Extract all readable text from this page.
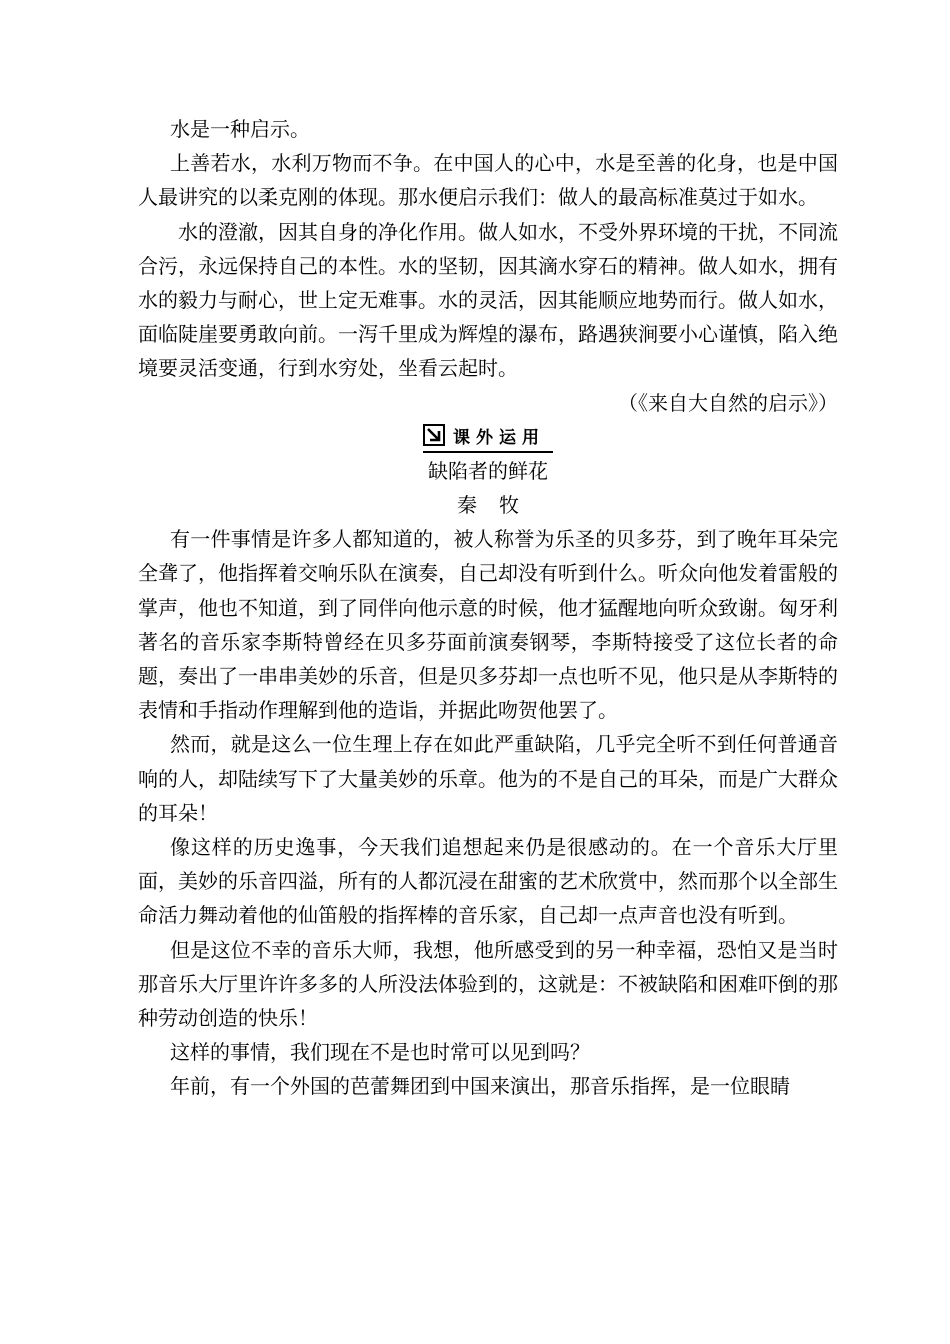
水是一种启示。

上善若水，水利万物而不争。在中国人的心中，水是至善的化身，也是中国人最讲究的以柔克刚的体现。那水便启示我们：做人的最高标准莫过于如水。

水的澄澈，因其自身的净化作用。做人如水，不受外界环境的干扰，不同流合污，永远保持自己的本性。水的坚韧，因其滴水穿石的精神。做人如水，拥有水的毅力与耐心，世上定无难事。水的灵活，因其能顺应地势而行。做人如水，面临陡崖要勇敢向前。一泻千里成为辉煌的瀑布，路遇狭涧要小心谨慎，陷入绝境要灵活变通，行到水穷处，坐看云起时。

（《来自大自然的启示》）

课外运用

缺陷者的鲜花

秦牧

有一件事情是许多人都知道的，被人称誉为乐圣的贝多芬，到了晚年耳朵完全聋了，他指挥着交响乐队在演奏，自己却没有听到什么。听众向他发着雷般的掌声，他也不知道，到了同伴向他示意的时候，他才猛醒地向听众致谢。匈牙利著名的音乐家李斯特曾经在贝多芬面前演奏钢琴，李斯特接受了这位长者的命题，奏出了一串串美妙的乐音，但是贝多芬却一点也听不见，他只是从李斯特的表情和手指动作理解到他的造诣，并据此吻贺他罢了。

然而，就是这么一位生理上存在如此严重缺陷，几乎完全听不到任何普通音响的人，却陆续写下了大量美妙的乐章。他为的不是自己的耳朵，而是广大群众的耳朵！

像这样的历史逸事，今天我们追想起来仍是很感动的。在一个音乐大厅里面，美妙的乐音四溢，所有的人都沉浸在甜蜜的艺术欣赏中，然而那个以全部生命活力舞动着他的仙笛般的指挥棒的音乐家，自己却一点声音也没有听到。

但是这位不幸的音乐大师，我想，他所感受到的另一种幸福，恐怕又是当时那音乐大厅里许许多多的人所没法体验到的，这就是：不被缺陷和困难吓倒的那种劳动创造的快乐！

这样的事情，我们现在不是也时常可以见到吗？

年前，有一个外国的芭蕾舞团到中国来演出，那音乐指挥，是一位眼睛
